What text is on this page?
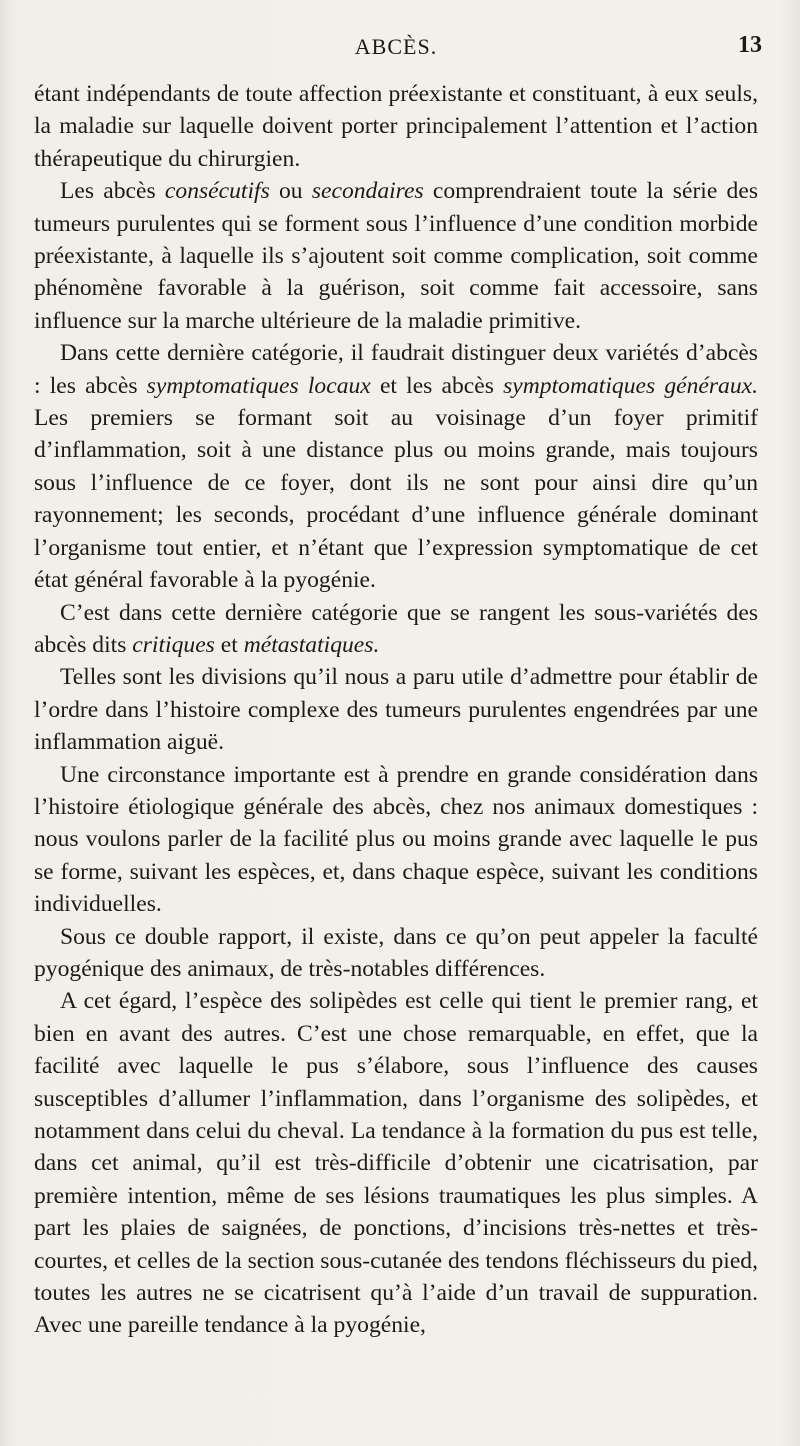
ABCÈS.	13

étant indépendants de toute affection préexistante et constituant, à eux seuls, la maladie sur laquelle doivent porter principalement l’attention et l’action thérapeutique du chirurgien.

Les abcès consécutifs ou secondaires comprendraient toute la série des tumeurs purulentes qui se forment sous l’influence d’une condition morbide préexistante, à laquelle ils s’ajoutent soit comme complication, soit comme phénomène favorable à la guérison, soit comme fait accessoire, sans influence sur la marche ultérieure de la maladie primitive.

Dans cette dernière catégorie, il faudrait distinguer deux variétés d’abcès : les abcès symptomatiques locaux et les abcès symptomatiques généraux. Les premiers se formant soit au voisinage d’un foyer primitif d’inflammation, soit à une distance plus ou moins grande, mais toujours sous l’influence de ce foyer, dont ils ne sont pour ainsi dire qu’un rayonnement; les seconds, procédant d’une influence générale dominant l’organisme tout entier, et n’étant que l’expression symptomatique de cet état général favorable à la pyogénie.

C’est dans cette dernière catégorie que se rangent les sous-variétés des abcès dits critiques et métastatiques.

Telles sont les divisions qu’il nous a paru utile d’admettre pour établir de l’ordre dans l’histoire complexe des tumeurs purulentes engendrées par une inflammation aiguë.

Une circonstance importante est à prendre en grande considération dans l’histoire étiologique générale des abcès, chez nos animaux domestiques : nous voulons parler de la facilité plus ou moins grande avec laquelle le pus se forme, suivant les espèces, et, dans chaque espèce, suivant les conditions individuelles.

Sous ce double rapport, il existe, dans ce qu’on peut appeler la faculté pyogénique des animaux, de très-notables différences.

A cet égard, l’espèce des solipèdes est celle qui tient le premier rang, et bien en avant des autres. C’est une chose remarquable, en effet, que la facilité avec laquelle le pus s’élabore, sous l’influence des causes susceptibles d’allumer l’inflammation, dans l’organisme des solipèdes, et notamment dans celui du cheval. La tendance à la formation du pus est telle, dans cet animal, qu’il est très-difficile d’obtenir une cicatrisation, par première intention, même de ses lésions traumatiques les plus simples. A part les plaies de saignées, de ponctions, d’incisions très-nettes et très-courtes, et celles de la section sous-cutanée des tendons fléchisseurs du pied, toutes les autres ne se cicatrisent qu’à l’aide d’un travail de suppuration. Avec une pareille tendance à la pyogénie,
